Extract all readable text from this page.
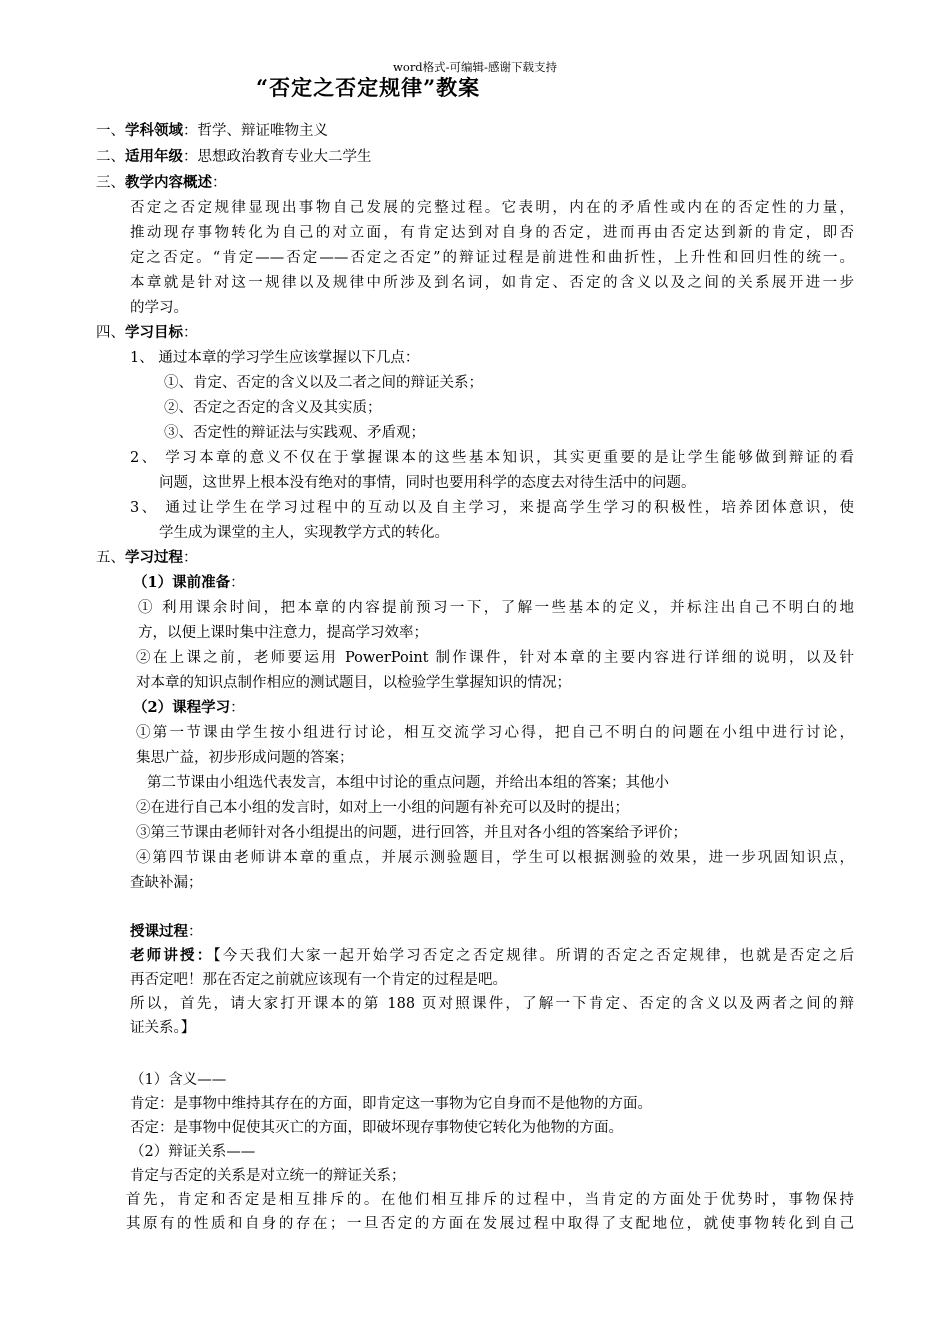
word格式-可编辑-感谢下载支持
“否定之否定规律”教案
一、学科领域：哲学、辩证唯物主义
二、适用年级：思想政治教育专业大二学生
三、教学内容概述：
否定之否定规律显现出事物自己发展的完整过程。它表明，内在的矛盾性或内在的否定性的力量，
推动现存事物转化为自己的对立面，有肯定达到对自身的否定，进而再由否定达到新的肯定，即否
定之否定。“肯定——否定——否定之否定”的辩证过程是前进性和曲折性，上升性和回归性的统一。
本章就是针对这一规律以及规律中所涉及到名词，如肯定、否定的含义以及之间的关系展开进一步
的学习。
四、学习目标：
1、 通过本章的学习学生应该掌握以下几点：
①、肯定、否定的含义以及二者之间的辩证关系；
②、否定之否定的含义及其实质；
③、否定性的辩证法与实践观、矛盾观；
2、 学习本章的意义不仅在于掌握课本的这些基本知识，其实更重要的是让学生能够做到辩证的看
问题，这世界上根本没有绝对的事情，同时也要用科学的态度去对待生活中的问题。
3、 通过让学生在学习过程中的互动以及自主学习，来提高学生学习的积极性，培养团体意识，使
学生成为课堂的主人，实现教学方式的转化。
五、学习过程：
（1）课前准备：
① 利用课余时间，把本章的内容提前预习一下，了解一些基本的定义，并标注出自己不明白的地
方，以便上课时集中注意力，提高学习效率；
②在上课之前，老师要运用 PowerPoint 制作课件，针对本章的主要内容进行详细的说明，以及针
对本章的知识点制作相应的测试题目，以检验学生掌握知识的情况；
（2）课程学习：
①第一节课由学生按小组进行讨论，相互交流学习心得，把自己不明白的问题在小组中进行讨论，
集思广益，初步形成问题的答案；
第二节课由小组选代表发言，本组中讨论的重点问题，并给出本组的答案；其他小
②在进行自己本小组的发言时，如对上一小组的问题有补充可以及时的提出；
③第三节课由老师针对各小组提出的问题，进行回答，并且对各小组的答案给予评价；
④第四节课由老师讲本章的重点，并展示测验题目，学生可以根据测验的效果，进一步巩固知识点，
查缺补漏；
授课过程：
老师讲授：【今天我们大家一起开始学习否定之否定规律。所谓的否定之否定规律，也就是否定之后
再否定吧！那在否定之前就应该现有一个肯定的过程是吧。
所以，首先，请大家打开课本的第 188 页对照课件，了解一下肯定、否定的含义以及两者之间的辩
证关系。】
（1）含义——
肯定：是事物中维持其存在的方面，即肯定这一事物为它自身而不是他物的方面。
否定：是事物中促使其灭亡的方面，即破坏现存事物使它转化为他物的方面。
（2）辩证关系——
肯定与否定的关系是对立统一的辩证关系；
首先，肯定和否定是相互排斥的。在他们相互排斥的过程中，当肯定的方面处于优势时，事物保持
其原有的性质和自身的存在；一旦否定的方面在发展过程中取得了支配地位，就使事物转化到自己
